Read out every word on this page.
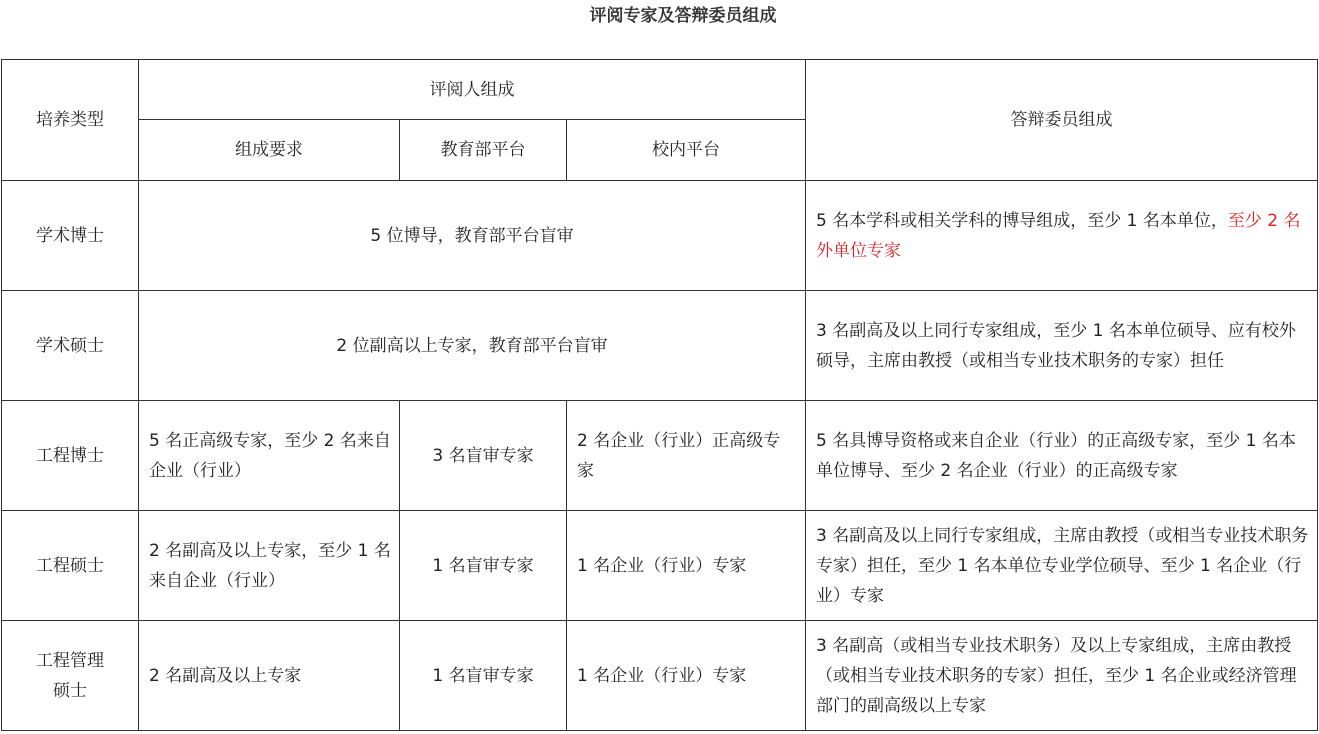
评阅专家及答辩委员组成
培养类型	评阅人组成			答辩委员组成
	组成要求	教育部平台	校内平台	
学术博士	5 位博导，教育部平台盲审			5 名本学科或相关学科的博导组成，至少 1 名本单位，至少 2 名外单位专家
学术硕士	2 位副高以上专家，教育部平台盲审			3 名副高及以上同行专家组成，至少 1 名本单位硕导、应有校外硕导，主席由教授（或相当专业技术职务的专家）担任
工程博士	5 名正高级专家，至少 2 名来自企业（行业）	3 名盲审专家	2 名企业（行业）正高级专家	5 名具博导资格或来自企业（行业）的正高级专家，至少 1 名本单位博导、至少 2 名企业（行业）的正高级专家
工程硕士	2 名副高及以上专家，至少 1 名来自企业（行业）	1 名盲审专家	1 名企业（行业）专家	3 名副高及以上同行专家组成，主席由教授（或相当专业技术职务专家）担任，至少 1 名本单位专业学位硕导、至少 1 名企业（行业）专家
工程管理硕士	2 名副高及以上专家	1 名盲审专家	1 名企业（行业）专家	3 名副高（或相当专业技术职务）及以上专家组成，主席由教授（或相当专业技术职务的专家）担任，至少 1 名企业或经济管理部门的副高级以上专家
